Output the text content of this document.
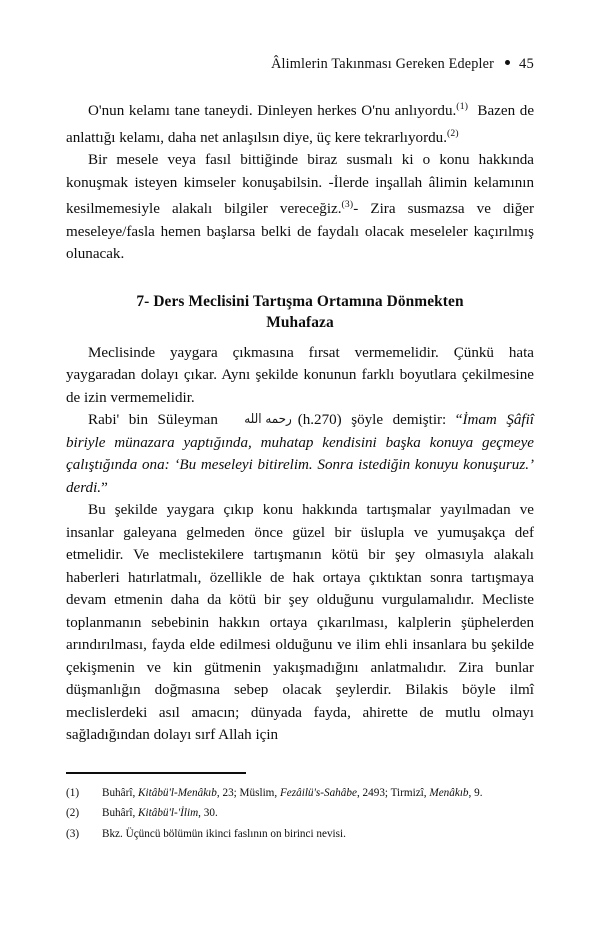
Âlimlerin Takınması Gereken Edepler 45

O'nun kelamı tane taneydi. Dinleyen herkes O'nu anlıyordu.$^{(1)}$ Bazen de anlattığı kelamı, daha net anlaşılsın diye, üç kere tekrarlıyordu.$^{(2)}$

Bir mesele veya fasıl bittiğinde biraz susmalı ki o konu hakkında konuşmak isteyen kimseler konuşabilsin. -İlerde inşallah âlimin kelamının kesilmemesiyle alakalı bilgiler vereceğiz.$^{(3)}$- Zira susmazsa ve diğer meseleye/fasla hemen başlarsa belki de faydalı olacak meseleler kaçırılmış olunacak.

7- Ders Meclisini Tartışma Ortamına Dönmekten
Muhafaza

Meclisinde yaygara çıkmasına fırsat vermemelidir. Çünkü hata yaygaradan dolayı çıkar. Aynı şekilde konunun farklı boyutlara çekilmesine de izin vermemelidir.

Rabi' bin Süleyman رحمه الله (h.270) şöyle demiştir: “İmam Şâfiî biriyle münazara yaptığında, muhatap kendisini başka konuya geçmeye çalıştığında ona: ‘Bu meseleyi bitirelim. Sonra istediğin konuyu konuşuruz.’ derdi.”

Bu şekilde yaygara çıkıp konu hakkında tartışmalar yayılmadan ve insanlar galeyana gelmeden önce güzel bir üslupla ve yumuşakça def etmelidir. Ve meclistekilere tartışmanın kötü bir şey olmasıyla alakalı haberleri hatırlatmalı, özellikle de hak ortaya çıktıktan sonra tartışmaya devam etmenin daha da kötü bir şey olduğunu vurgulamalıdır. Mecliste toplanmanın sebebinin hakkın ortaya çıkarılması, kalplerin şüphelerden arındırılması, fayda elde edilmesi olduğunu ve ilim ehli insanlara bu şekilde çekişmenin ve kin gütmenin yakışmadığını anlatmalıdır. Zira bunlar düşmanlığın doğmasına sebep olacak şeylerdir. Bilakis böyle ilmî meclislerdeki asıl amacın; dünyada fayda, ahirette de mutlu olmayı sağladığından dolayı sırf Allah için

(1)	Buhârî, Kitâbü'l-Menâkıb, 23; Müslim, Fezâilü's-Sahâbe, 2493; Tirmizî, Menâkıb, 9.

(2)	Buhârî, Kitâbü'l-'İlim, 30.

(3)	Bkz. Üçüncü bölümün ikinci faslının on birinci nevisi.
